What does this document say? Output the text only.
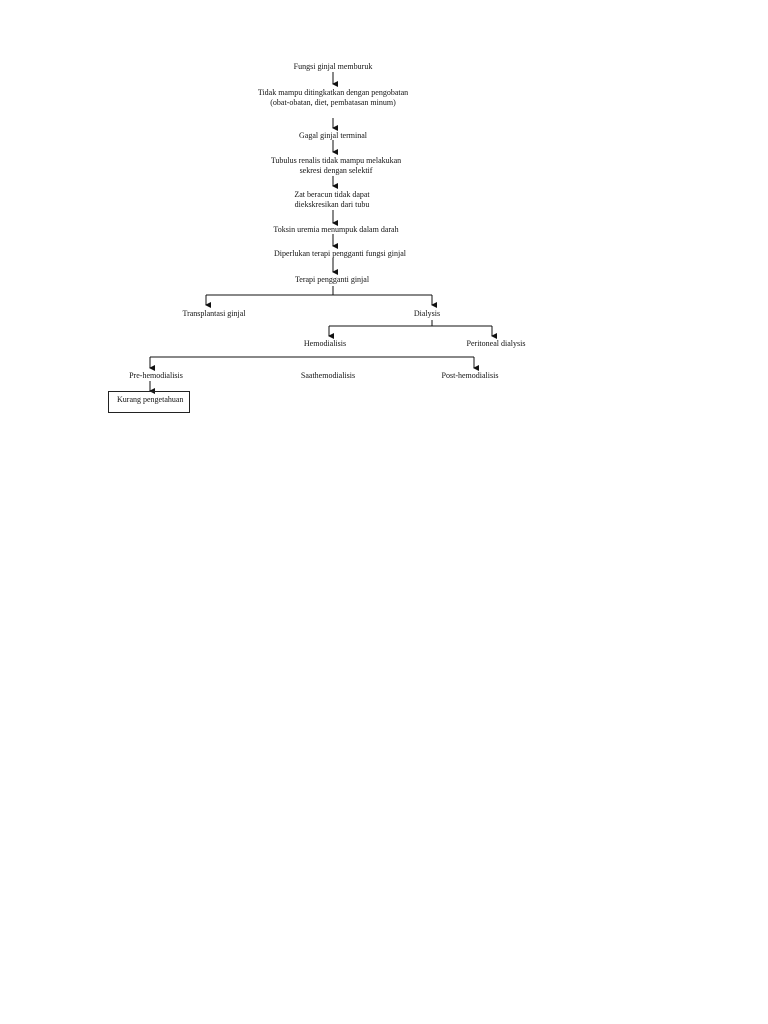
Fungsi ginjal memburuk
Tidak mampu ditingkatkan dengan pengobatan (obat-obatan, diet, pembatasan minum)
Gagal ginjal terminal
Tubulus renalis tidak mampu melakukan sekresi dengan selektif
Zat beracun tidak dapat diekskresikan dari tubu
Toksin uremia menumpuk dalam darah
Diperlukan terapi pengganti fungsi ginjal
Terapi pengganti ginjal
Transplantasi ginjal	Dialysis
Hemodialisis	Peritoneal dialysis
Pre-hemodialisis	Saathemodialisis	Post-hemodialisis
Kurang pengetahuan
